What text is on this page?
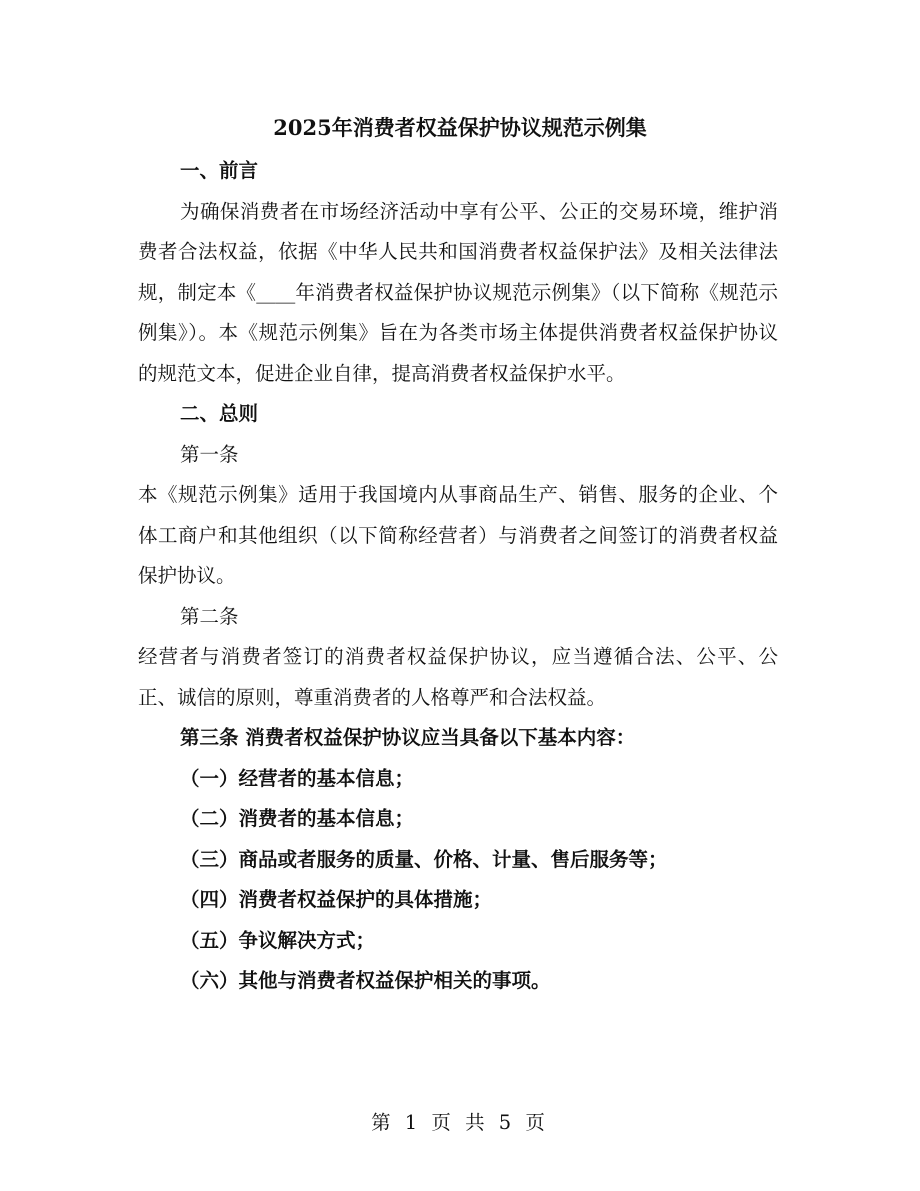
2025年消费者权益保护协议规范示例集

一、前言

为确保消费者在市场经济活动中享有公平、公正的交易环境，维护消费者合法权益，依据《中华人民共和国消费者权益保护法》及相关法律法规，制定本《____年消费者权益保护协议规范示例集》（以下简称《规范示例集》）。本《规范示例集》旨在为各类市场主体提供消费者权益保护协议的规范文本，促进企业自律，提高消费者权益保护水平。

二、总则

第一条

本《规范示例集》适用于我国境内从事商品生产、销售、服务的企业、个体工商户和其他组织（以下简称经营者）与消费者之间签订的消费者权益保护协议。

第二条

经营者与消费者签订的消费者权益保护协议，应当遵循合法、公平、公正、诚信的原则，尊重消费者的人格尊严和合法权益。

第三条 消费者权益保护协议应当具备以下基本内容：

（一）经营者的基本信息；

（二）消费者的基本信息；

（三）商品或者服务的质量、价格、计量、售后服务等；

（四）消费者权益保护的具体措施；

（五）争议解决方式；

（六）其他与消费者权益保护相关的事项。

第 1 页 共 5 页
